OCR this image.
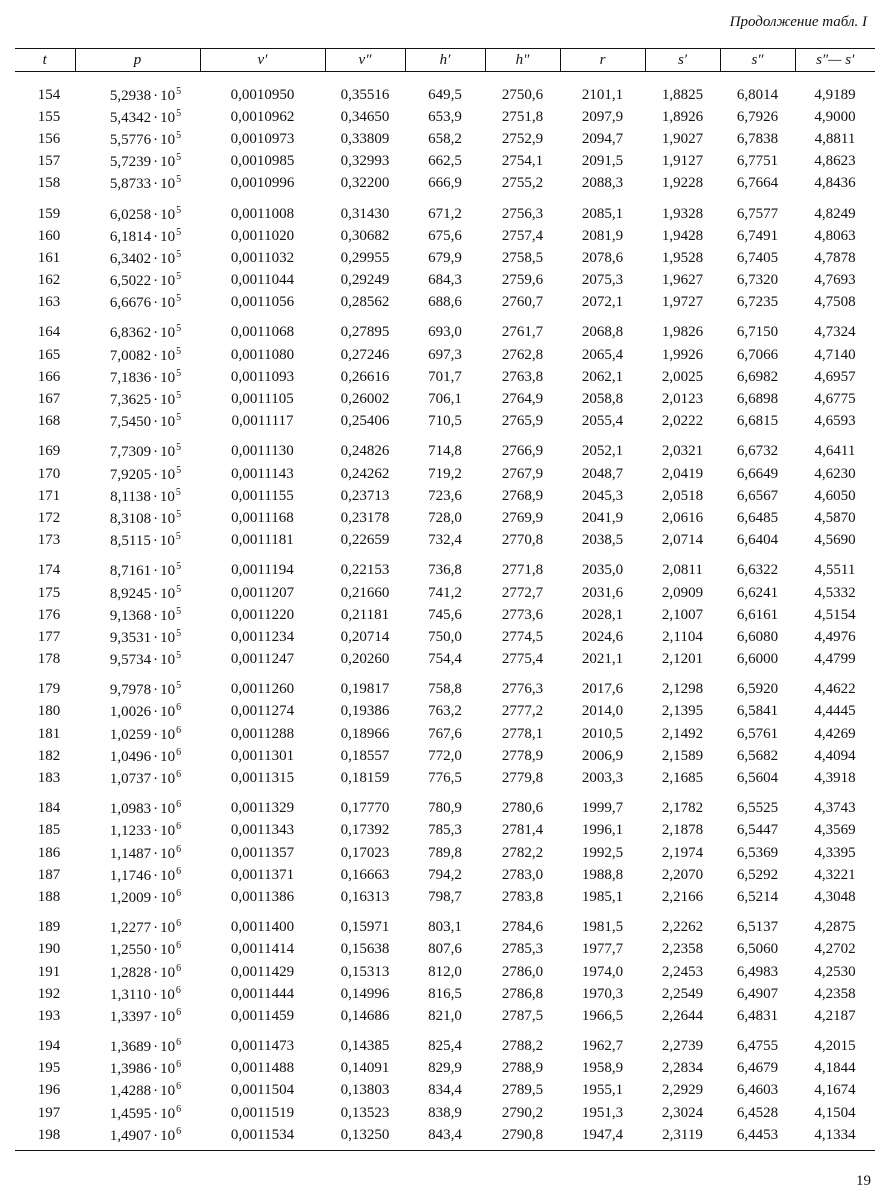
Продолжение табл. I
t	p	v′	v″	h′	h″	r	s′	s″	s″— s′
154	$5,2938 \cdot 10^5$	0,0010950	0,35516	649,5	2750,6	2101,1	1,8825	6,8014	4,9189
155	$5,4342 \cdot 10^5$	0,0010962	0,34650	653,9	2751,8	2097,9	1,8926	6,7926	4,9000
156	$5,5776 \cdot 10^5$	0,0010973	0,33809	658,2	2752,9	2094,7	1,9027	6,7838	4,8811
157	$5,7239 \cdot 10^5$	0,0010985	0,32993	662,5	2754,1	2091,5	1,9127	6,7751	4,8623
158	$5,8733 \cdot 10^5$	0,0010996	0,32200	666,9	2755,2	2088,3	1,9228	6,7664	4,8436
159	$6,0258 \cdot 10^5$	0,0011008	0,31430	671,2	2756,3	2085,1	1,9328	6,7577	4,8249
160	$6,1814 \cdot 10^5$	0,0011020	0,30682	675,6	2757,4	2081,9	1,9428	6,7491	4,8063
161	$6,3402 \cdot 10^5$	0,0011032	0,29955	679,9	2758,5	2078,6	1,9528	6,7405	4,7878
162	$6,5022 \cdot 10^5$	0,0011044	0,29249	684,3	2759,6	2075,3	1,9627	6,7320	4,7693
163	$6,6676 \cdot 10^5$	0,0011056	0,28562	688,6	2760,7	2072,1	1,9727	6,7235	4,7508
164	$6,8362 \cdot 10^5$	0,0011068	0,27895	693,0	2761,7	2068,8	1,9826	6,7150	4,7324
165	$7,0082 \cdot 10^5$	0,0011080	0,27246	697,3	2762,8	2065,4	1,9926	6,7066	4,7140
166	$7,1836 \cdot 10^5$	0,0011093	0,26616	701,7	2763,8	2062,1	2,0025	6,6982	4,6957
167	$7,3625 \cdot 10^5$	0,0011105	0,26002	706,1	2764,9	2058,8	2,0123	6,6898	4,6775
168	$7,5450 \cdot 10^5$	0,0011117	0,25406	710,5	2765,9	2055,4	2,0222	6,6815	4,6593
169	$7,7309 \cdot 10^5$	0,0011130	0,24826	714,8	2766,9	2052,1	2,0321	6,6732	4,6411
170	$7,9205 \cdot 10^5$	0,0011143	0,24262	719,2	2767,9	2048,7	2,0419	6,6649	4,6230
171	$8,1138 \cdot 10^5$	0,0011155	0,23713	723,6	2768,9	2045,3	2,0518	6,6567	4,6050
172	$8,3108 \cdot 10^5$	0,0011168	0,23178	728,0	2769,9	2041,9	2,0616	6,6485	4,5870
173	$8,5115 \cdot 10^5$	0,0011181	0,22659	732,4	2770,8	2038,5	2,0714	6,6404	4,5690
174	$8,7161 \cdot 10^5$	0,0011194	0,22153	736,8	2771,8	2035,0	2,0811	6,6322	4,5511
175	$8,9245 \cdot 10^5$	0,0011207	0,21660	741,2	2772,7	2031,6	2,0909	6,6241	4,5332
176	$9,1368 \cdot 10^5$	0,0011220	0,21181	745,6	2773,6	2028,1	2,1007	6,6161	4,5154
177	$9,3531 \cdot 10^5$	0,0011234	0,20714	750,0	2774,5	2024,6	2,1104	6,6080	4,4976
178	$9,5734 \cdot 10^5$	0,0011247	0,20260	754,4	2775,4	2021,1	2,1201	6,6000	4,4799
179	$9,7978 \cdot 10^5$	0,0011260	0,19817	758,8	2776,3	2017,6	2,1298	6,5920	4,4622
180	$1,0026 \cdot 10^6$	0,0011274	0,19386	763,2	2777,2	2014,0	2,1395	6,5841	4,4445
181	$1,0259 \cdot 10^6$	0,0011288	0,18966	767,6	2778,1	2010,5	2,1492	6,5761	4,4269
182	$1,0496 \cdot 10^6$	0,0011301	0,18557	772,0	2778,9	2006,9	2,1589	6,5682	4,4094
183	$1,0737 \cdot 10^6$	0,0011315	0,18159	776,5	2779,8	2003,3	2,1685	6,5604	4,3918
184	$1,0983 \cdot 10^6$	0,0011329	0,17770	780,9	2780,6	1999,7	2,1782	6,5525	4,3743
185	$1,1233 \cdot 10^6$	0,0011343	0,17392	785,3	2781,4	1996,1	2,1878	6,5447	4,3569
186	$1,1487 \cdot 10^6$	0,0011357	0,17023	789,8	2782,2	1992,5	2,1974	6,5369	4,3395
187	$1,1746 \cdot 10^6$	0,0011371	0,16663	794,2	2783,0	1988,8	2,2070	6,5292	4,3221
188	$1,2009 \cdot 10^6$	0,0011386	0,16313	798,7	2783,8	1985,1	2,2166	6,5214	4,3048
189	$1,2277 \cdot 10^6$	0,0011400	0,15971	803,1	2784,6	1981,5	2,2262	6,5137	4,2875
190	$1,2550 \cdot 10^6$	0,0011414	0,15638	807,6	2785,3	1977,7	2,2358	6,5060	4,2702
191	$1,2828 \cdot 10^6$	0,0011429	0,15313	812,0	2786,0	1974,0	2,2453	6,4983	4,2530
192	$1,3110 \cdot 10^6$	0,0011444	0,14996	816,5	2786,8	1970,3	2,2549	6,4907	4,2358
193	$1,3397 \cdot 10^6$	0,0011459	0,14686	821,0	2787,5	1966,5	2,2644	6,4831	4,2187
194	$1,3689 \cdot 10^6$	0,0011473	0,14385	825,4	2788,2	1962,7	2,2739	6,4755	4,2015
195	$1,3986 \cdot 10^6$	0,0011488	0,14091	829,9	2788,9	1958,9	2,2834	6,4679	4,1844
196	$1,4288 \cdot 10^6$	0,0011504	0,13803	834,4	2789,5	1955,1	2,2929	6,4603	4,1674
197	$1,4595 \cdot 10^6$	0,0011519	0,13523	838,9	2790,2	1951,3	2,3024	6,4528	4,1504
198	$1,4907 \cdot 10^6$	0,0011534	0,13250	843,4	2790,8	1947,4	2,3119	6,4453	4,1334
19
